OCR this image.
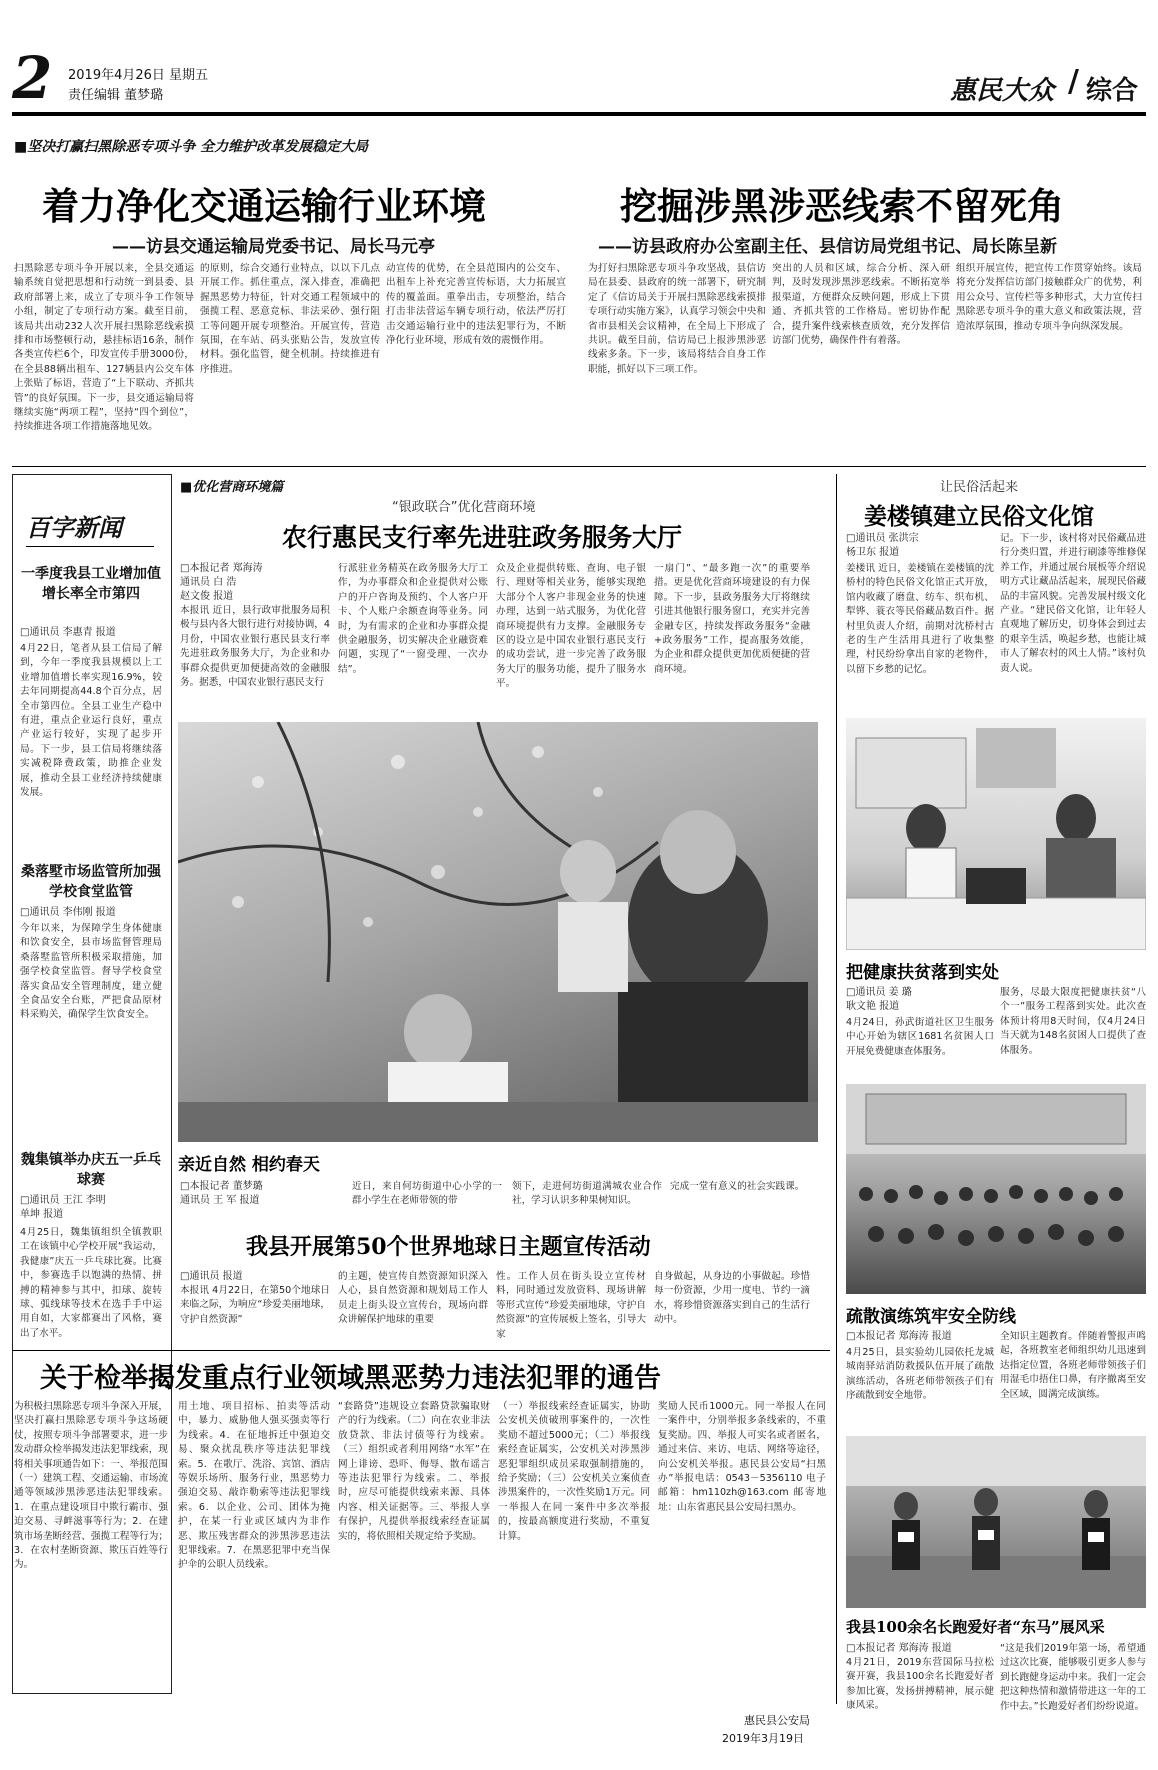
2 2019年4月26日 星期五
责任编辑 董梦璐	惠民大众 / 综合
■坚决打赢扫黑除恶专项斗争 全力维护改革发展稳定大局
着力净化交通运输行业环境
——访县交通运输局党委书记、局长马元亭
扫黑除恶专项斗争开展以来，全县交通运输系统自觉把思想和行动统一到县委、县政府部署上来，成立了专项斗争工作领导小组，制定了专项行动方案。截至目前，该局共出动232人次开展扫黑除恶线索摸排和市场整顿行动，悬挂标语16条，制作各类宣传栏6个，印发宣传手册3000份，在全县88辆出租车、127辆县内公交车体上张贴了标语，营造了“上下联动、齐抓共管”的良好氛围。下一步，县交通运输局将继续实施“两项工程”，坚持“四个到位”，持续推进各项工作措施落地见效。
的原则，综合交通行业特点，以以下几点开展工作。抓住重点，深入排查，准确把握黑恶势力特征，针对交通工程领域中的强揽工程、恶意竞标、非法采砂、强行阻工等问题开展专项整治。开展宣传，营造氛围，在车站、码头张贴公告，发放宣传材料。强化监管，健全机制。持续推进有序推进。
动宣传的优势，在全县范围内的公交车、出租车上补充完善宣传标语，大力拓展宣传的覆盖面。重拳出击，专项整治，结合打击非法营运车辆专项行动，依法严厉打击交通运输行业中的违法犯罪行为，不断净化行业环境，形成有效的震慑作用。
挖掘涉黑涉恶线索不留死角
——访县政府办公室副主任、县信访局党组书记、局长陈呈新
为打好扫黑除恶专项斗争攻坚战，县信访局在县委、县政府的统一部署下，研究制定了《信访局关于开展扫黑除恶线索摸排专项行动实施方案》，认真学习领会中央和省市县相关会议精神，在全局上下形成了共识。截至目前，信访局已上报涉黑涉恶线索多条。下一步，该局将结合自身工作职能，抓好以下三项工作。
突出的人员和区域，综合分析、深入研判，及时发现涉黑涉恶线索。不断拓宽举报渠道，方便群众反映问题，形成上下贯通、齐抓共管的工作格局。密切协作配合，提升案件线索核查质效，充分发挥信访部门优势，确保件件有着落。
组织开展宣传，把宣传工作贯穿始终。该局将充分发挥信访部门接触群众广的优势，利用公众号、宣传栏等多种形式，大力宣传扫黑除恶专项斗争的重大意义和政策法规，营造浓厚氛围，推动专项斗争向纵深发展。
百字新闻
一季度我县工业增加值增长率全市第四
□通讯员 李惠青 报道
4月22日，笔者从县工信局了解到，今年一季度我县规模以上工业增加值增长率实现16.9%，较去年同期提高44.8个百分点，居全市第四位。全县工业生产稳中有进，重点企业运行良好，重点产业运行较好，实现了起步开局。下一步，县工信局将继续落实减税降费政策，助推企业发展，推动全县工业经济持续健康发展。
桑落墅市场监管所加强学校食堂监管
□通讯员 李伟刚 报道
今年以来，为保障学生身体健康和饮食安全，县市场监督管理局桑落墅监管所积极采取措施，加强学校食堂监管。督导学校食堂落实食品安全管理制度，建立健全食品安全台账，严把食品原材料采购关，确保学生饮食安全。
魏集镇举办庆五一乒乓球赛
□通讯员 王江 李明
单坤 报道
4月25日，魏集镇组织全镇教职工在该镇中心学校开展“我运动，我健康”庆五一乒乓球比赛。比赛中，参赛选手以饱满的热情、拼搏的精神参与其中，扣球、旋转球、弧线球等技术在选手手中运用自如，大家都赛出了风格，赛出了水平。
■优化营商环境篇
“银政联合”优化营商环境
农行惠民支行率先进驻政务服务大厅
□本报记者 郑海涛
通讯员 白 浩
赵文俊 报道
本报讯 近日，县行政审批服务局积极与县内各大银行进行对接协调，4月份，中国农业银行惠民县支行率先进驻政务服务大厅，为企业和办事群众提供更加便捷高效的金融服务。据悉，中国农业银行惠民支行
行派驻业务精英在政务服务大厅工作，为办事群众和企业提供对公账户的开户咨询及预约、个人客户开卡、个人账户余额查询等业务。同时，为有需求的企业和办事群众提供金融服务，切实解决企业融资难问题，实现了“一窗受理、一次办结”。
众及企业提供转账、查询、电子银行、理财等相关业务，能够实现绝大部分个人客户非现金业务的快速办理，达到一站式服务，为优化营商环境提供有力支撑。金融服务专区的设立是中国农业银行惠民支行的成功尝试，进一步完善了政务服务大厅的服务功能，提升了服务水平。
一扇门”、“最多跑一次”的重要举措。更是优化营商环境建设的有力保障。下一步，县政务服务大厅将继续引进其他银行服务窗口，充实并完善金融专区，持续发挥政务服务“金融+政务服务”工作，提高服务效能，为企业和群众提供更加优质便捷的营商环境。
亲近自然 相约春天
□本报记者 董梦璐
通讯员 王 军 报道
近日，来自何坊街道中心小学的一群小学生在老师带领的带
领下，走进何坊街道满城农业合作社，学习认识多种果树知识。
完成一堂有意义的社会实践课。
我县开展第50个世界地球日主题宣传活动
□通讯员 报道
本报讯 4月22日，在第50个地球日来临之际，为响应“珍爱美丽地球，守护自然资源”
的主题，使宣传自然资源知识深入人心，县自然资源和规划局工作人员走上街头设立宣传台，现场向群众讲解保护地球的重要
性。工作人员在街头设立宣传材料，同时通过发放资料、现场讲解等形式宣传“珍爱美丽地球，守护自然资源”的宣传展板上签名，引导大家
自身做起，从身边的小事做起。珍惜每一份资源，少用一度电、节约一滴水，将珍惜资源落实到自己的生活行动中。
让民俗活起来
姜楼镇建立民俗文化馆
□通讯员 张洪宗
杨卫东 报道
姜楼讯 近日，姜楼镇在姜楼镇的沈桥村的特色民俗文化馆正式开放，馆内收藏了磨盘、纺车、织布机、犁铧、蓑衣等民俗藏品数百件。据村里负责人介绍，前期对沈桥村古老的生产生活用具进行了收集整理，村民纷纷拿出自家的老物件，以留下乡愁的记忆。
记。下一步，该村将对民俗藏品进行分类归置，并进行刷漆等维修保养工作，并通过展台展板等介绍说明方式让藏品活起来，展现民俗藏品的丰富风貌。完善发展村级文化产业。“建民俗文化馆，让年轻人直观地了解历史，切身体会到过去的艰辛生活，唤起乡愁，也能让城市人了解农村的风土人情。”该村负责人说。
把健康扶贫落到实处
□通讯员 姜 璐
耿文艳 报道
4月24日，孙武街道社区卫生服务中心开始为辖区1681名贫困人口开展免费健康查体服务。
服务，尽最大限度把健康扶贫“八个一”服务工程落到实处。此次查体预计将用8天时间，仅4月24日当天就为148名贫困人口提供了查体服务。
疏散演练筑牢安全防线
□本报记者 郑海涛 报道
4月25日，县实验幼儿园依托龙城城南驿站消防救援队伍开展了疏散演练活动，各班老师带领孩子们有序疏散到安全地带。
全知识主题教育。伴随着警报声鸣起，各班教室老师组织幼儿迅速到达指定位置，各班老师带领孩子们用湿毛巾捂住口鼻，有序撤离至安全区域，圆满完成演练。
我县100余名长跑爱好者“东马”展风采
□本报记者 郑海涛 报道
4月21日，2019东营国际马拉松赛开赛，我县100余名长跑爱好者参加比赛，发扬拼搏精神，展示健康风采。
“这是我们2019年第一场，希望通过这次比赛，能够吸引更多人参与到长跑健身运动中来。我们一定会把这种热情和激情带进这一年的工作中去。”长跑爱好者们纷纷说道。
关于检举揭发重点行业领域黑恶势力违法犯罪的通告
为积极扫黑除恶专项斗争深入开展，坚决打赢扫黑除恶专项斗争这场硬仗，按照专项斗争部署要求，进一步发动群众检举揭发违法犯罪线索，现将相关事项通告如下：一、举报范围（一）建筑工程、交通运输、市场流通等领域涉黑涉恶违法犯罪线索。1．在重点建设项目中欺行霸市、强迫交易、寻衅滋事等行为；2．在建筑市场垄断经营、强揽工程等行为；3．在农村垄断资源、欺压百姓等行为。
用土地、项目招标、拍卖等活动中，暴力、威胁他人强买强卖等行为线索。4．在征地拆迁中强迫交易、聚众扰乱秩序等违法犯罪线索。5．在歌厅、洗浴、宾馆、酒店等娱乐场所、服务行业，黑恶势力强迫交易、敲诈勒索等违法犯罪线索。6．以企业、公司、团体为掩护，在某一行业或区域内为非作恶、欺压残害群众的涉黑涉恶违法犯罪线索。7．在黑恶犯罪中充当保护伞的公职人员线索。
“套路贷”违规设立套路贷款骗取财产的行为线索。（二）向在农业非法放贷款、非法讨债等行为线索。（三）组织或者利用网络“水军”在网上诽谤、恐吓、侮辱、散布谣言等违法犯罪行为线索。二、举报时，应尽可能提供线索来源、具体内容、相关证据等。三、举报人享有保护，凡提供举报线索经查证属实的，将依照相关规定给予奖励。
（一）举报线索经查证属实，协助公安机关侦破刑事案件的，一次性奖励不超过5000元；（二）举报线索经查证属实，公安机关对涉黑涉恶犯罪组织成员采取强制措施的，给予奖励；（三）公安机关立案侦查涉黑案件的，一次性奖励1万元。同一举报人在同一案件中多次举报的，按最高额度进行奖励，不重复计算。
奖励人民币1000元。同一举报人在同一案件中，分别举报多条线索的，不重复奖励。四、举报人可实名或者匿名，通过来信、来访、电话、网络等途径，向公安机关举报。惠民县公安局“扫黑办”举报电话：0543－5356110 电子邮箱：hm110zh@163.com 邮寄地址：山东省惠民县公安局扫黑办。
惠民县公安局
2019年3月19日
